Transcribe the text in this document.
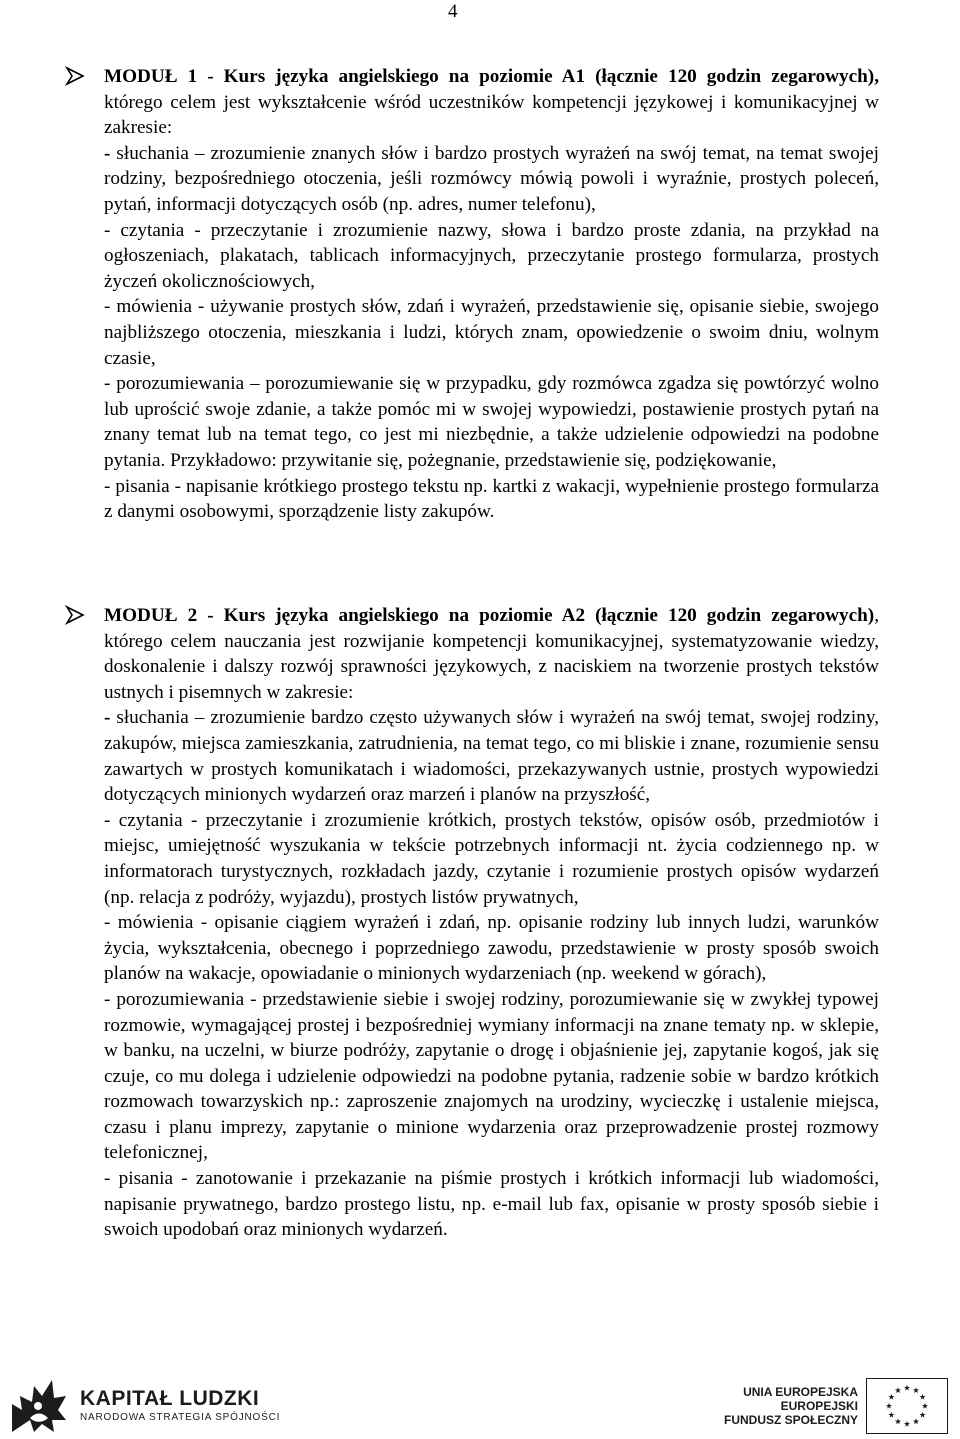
4

MODUŁ 1 - Kurs języka angielskiego na poziomie A1 (łącznie 120 godzin zegarowych), którego celem jest wykształcenie wśród uczestników kompetencji językowej i komunikacyjnej w zakresie:

- słuchania – zrozumienie znanych słów i bardzo prostych wyrażeń na swój temat, na temat swojej rodziny, bezpośredniego otoczenia, jeśli rozmówcy mówią powoli i wyraźnie, prostych poleceń, pytań, informacji dotyczących osób (np. adres, numer telefonu),

- czytania - przeczytanie i zrozumienie nazwy, słowa i bardzo proste zdania, na przykład na ogłoszeniach, plakatach, tablicach informacyjnych, przeczytanie prostego formularza, prostych życzeń okolicznościowych,

- mówienia - używanie prostych słów, zdań i wyrażeń, przedstawienie się, opisanie siebie, swojego najbliższego otoczenia, mieszkania i ludzi, których znam, opowiedzenie o swoim dniu, wolnym czasie,

- porozumiewania – porozumiewanie się w przypadku, gdy rozmówca zgadza się powtórzyć wolno lub uprościć swoje zdanie, a także pomóc mi w swojej wypowiedzi, postawienie prostych pytań na znany temat lub na temat tego, co jest mi niezbędnie, a także udzielenie odpowiedzi na podobne pytania. Przykładowo: przywitanie się, pożegnanie, przedstawienie się, podziękowanie,

- pisania - napisanie krótkiego prostego tekstu np. kartki z wakacji, wypełnienie prostego formularza z danymi osobowymi, sporządzenie listy zakupów.

MODUŁ 2 - Kurs języka angielskiego na poziomie A2 (łącznie 120 godzin zegarowych), którego celem nauczania jest rozwijanie kompetencji komunikacyjnej, systematyzowanie wiedzy, doskonalenie i dalszy rozwój sprawności językowych, z naciskiem na tworzenie prostych tekstów ustnych i pisemnych w zakresie:

- słuchania – zrozumienie bardzo często używanych słów i wyrażeń na swój temat, swojej rodziny, zakupów, miejsca zamieszkania, zatrudnienia, na temat tego, co mi bliskie i znane, rozumienie sensu zawartych w prostych komunikatach i wiadomości, przekazywanych ustnie, prostych wypowiedzi dotyczących minionych wydarzeń oraz marzeń i planów na przyszłość,

- czytania - przeczytanie i zrozumienie krótkich, prostych tekstów, opisów osób, przedmiotów i miejsc, umiejętność wyszukania w tekście potrzebnych informacji nt. życia codziennego np. w informatorach turystycznych, rozkładach jazdy, czytanie i rozumienie prostych opisów wydarzeń (np. relacja z podróży, wyjazdu), prostych listów prywatnych,

- mówienia - opisanie ciągiem wyrażeń i zdań, np. opisanie rodziny lub innych ludzi, warunków życia, wykształcenia, obecnego i poprzedniego zawodu, przedstawienie w prosty sposób swoich planów na wakacje, opowiadanie o minionych wydarzeniach (np. weekend w górach),

- porozumiewania - przedstawienie siebie i swojej rodziny, porozumiewanie się w zwykłej typowej rozmowie, wymagającej prostej i bezpośredniej wymiany informacji na znane tematy np. w sklepie, w banku, na uczelni, w biurze podróży, zapytanie o drogę i objaśnienie jej, zapytanie kogoś, jak się czuje, co mu dolega i udzielenie odpowiedzi na podobne pytania, radzenie sobie w bardzo krótkich rozmowach towarzyskich np.: zaproszenie znajomych na urodziny, wycieczkę i ustalenie miejsca, czasu i planu imprezy, zapytanie o minione wydarzenia oraz przeprowadzenie prostej rozmowy telefonicznej,

- pisania - zanotowanie i przekazanie na piśmie prostych i krótkich informacji lub wiadomości, napisanie prywatnego, bardzo prostego listu, np. e-mail lub fax, opisanie w prosty sposób siebie i swoich upodobań oraz minionych wydarzeń.

KAPITAŁ LUDZKI
NARODOWA STRATEGIA SPÓJNOŚCI
UNIA EUROPEJSKA
EUROPEJSKI
FUNDUSZ SPOŁECZNY
